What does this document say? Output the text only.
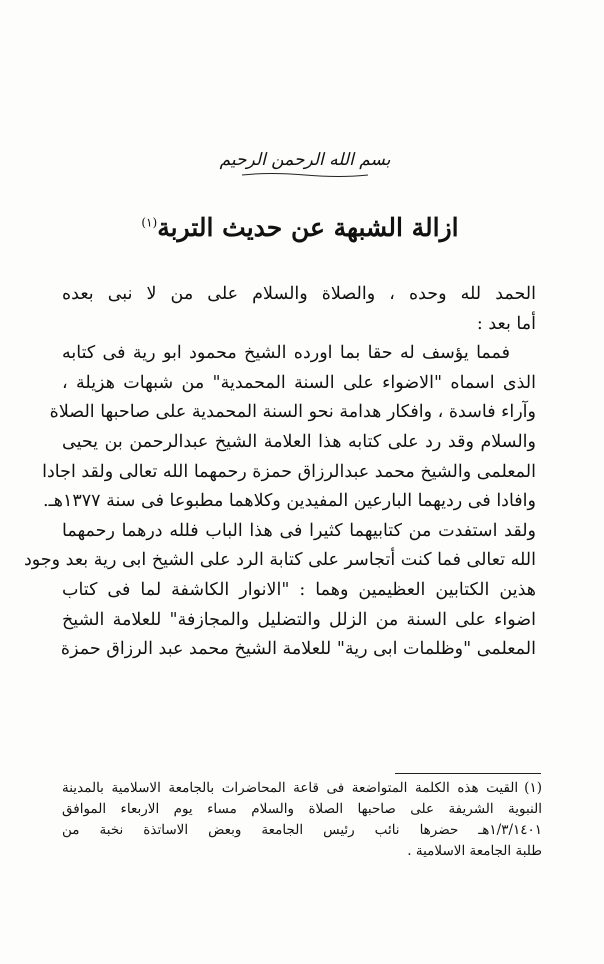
بسم الله الرحمن الرحيم
ازالة الشبهة عن حديث التربة$^{(١)}$
الحمد لله وحده ، والصلاة والسلام على من لا نبى بعده
أما بعد :
فمما يؤسف له حقا بما اورده الشيخ محمود ابو رية فى كتابه
الذى اسماه "الاضواء على السنة المحمدية" من شبهات هزيلة ،
وآراء فاسدة ، وافكار هدامة نحو السنة المحمدية على صاحبها الصلاة
والسلام وقد رد على كتابه هذا العلامة الشيخ عبدالرحمن بن يحيى
المعلمى والشيخ محمد عبدالرزاق حمزة رحمهما الله تعالى ولقد اجادا
وافادا فى رديهما البارعين المفيدين وكلاهما مطبوعا فى سنة ١٣٧٧هـ.
ولقد استفدت من كتابيهما كثيرا فى هذا الباب فلله درهما رحمهما
الله تعالى فما كنت أتجاسر على كتابة الرد على الشيخ ابى رية بعد وجود
هذين الكتابين العظيمين وهما : "الانوار الكاشفة لما فى كتاب
اضواء على السنة من الزلل والتضليل والمجازفة" للعلامة الشيخ
المعلمى "وظلمات ابى رية" للعلامة الشيخ محمد عبد الرزاق حمزة
(١)القيت هذه الكلمة المتواضعة فى قاعة المحاضرات بالجامعة الاسلامية بالمدينة
النبوية الشريفة على صاحبها الصلاة والسلام مساء يوم الاربعاء الموافق
١/٣/١٤٠١هـ حضرها نائب رئيس الجامعة وبعض الاساتذة نخبة من
طلبة الجامعة الاسلامية .
